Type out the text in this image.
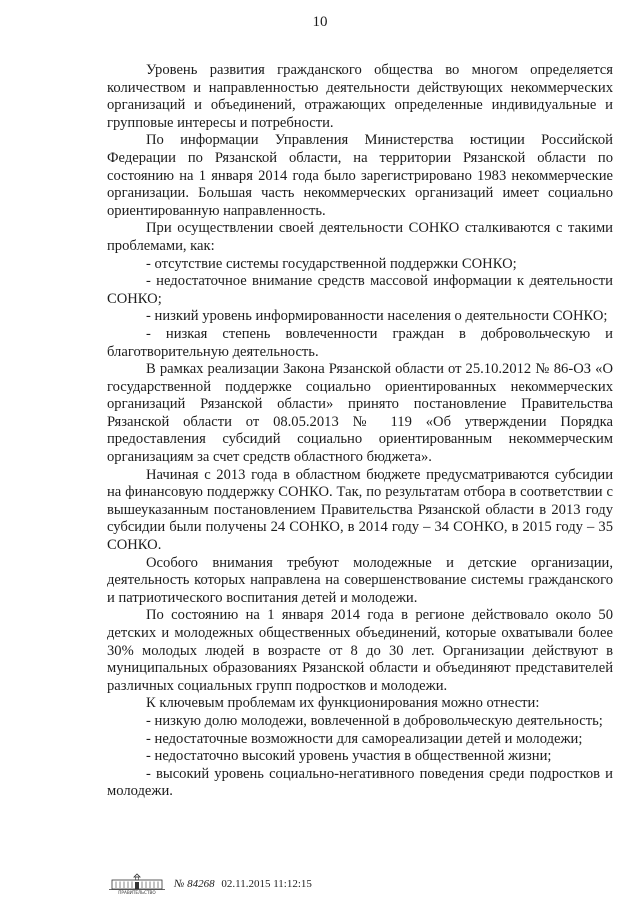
10

Уровень развития гражданского общества во многом определяется количеством и направленностью деятельности действующих некоммерческих организаций и объединений, отражающих определенные индивидуальные и групповые интересы и потребности.

По информации Управления Министерства юстиции Российской Федерации по Рязанской области, на территории Рязанской области по состоянию на 1 января 2014 года было зарегистрировано 1983 некоммерческие организации. Большая часть некоммерческих организаций имеет социально ориентированную направленность.

При осуществлении своей деятельности СОНКО сталкиваются с такими проблемами, как:

- отсутствие системы государственной поддержки СОНКО;

- недостаточное внимание средств массовой информации к деятельности СОНКО;

- низкий уровень информированности населения о деятельности СОНКО;

- низкая степень вовлеченности граждан в добровольческую и благотворительную деятельность.

В рамках реализации Закона Рязанской области от 25.10.2012 № 86-ОЗ «О государственной поддержке социально ориентированных некоммерческих организаций Рязанской области» принято постановление Правительства Рязанской области от 08.05.2013 № 119 «Об утверждении Порядка предоставления субсидий социально ориентированным некоммерческим организациям за счет средств областного бюджета».

Начиная с 2013 года в областном бюджете предусматриваются субсидии на финансовую поддержку СОНКО. Так, по результатам отбора в соответствии с вышеуказанным постановлением Правительства Рязанской области в 2013 году субсидии были получены 24 СОНКО, в 2014 году – 34 СОНКО, в 2015 году – 35 СОНКО.

Особого внимания требуют молодежные и детские организации, деятельность которых направлена на совершенствование системы гражданского и патриотического воспитания детей и молодежи.

По состоянию на 1 января 2014 года в регионе действовало около 50 детских и молодежных общественных объединений, которые охватывали более 30% молодых людей в возрасте от 8 до 30 лет. Организации действуют в муниципальных образованиях Рязанской области и объединяют представителей различных социальных групп подростков и молодежи.

К ключевым проблемам их функционирования можно отнести:

- низкую долю молодежи, вовлеченной в добровольческую деятельность;

- недостаточные возможности для самореализации детей и молодежи;

- недостаточно высокий уровень участия в общественной жизни;

- высокий уровень социально-негативного поведения среди подростков и молодежи.

ПРАВИТЕЛЬСТВО
№ 84268 02.11.2015 11:12:15
